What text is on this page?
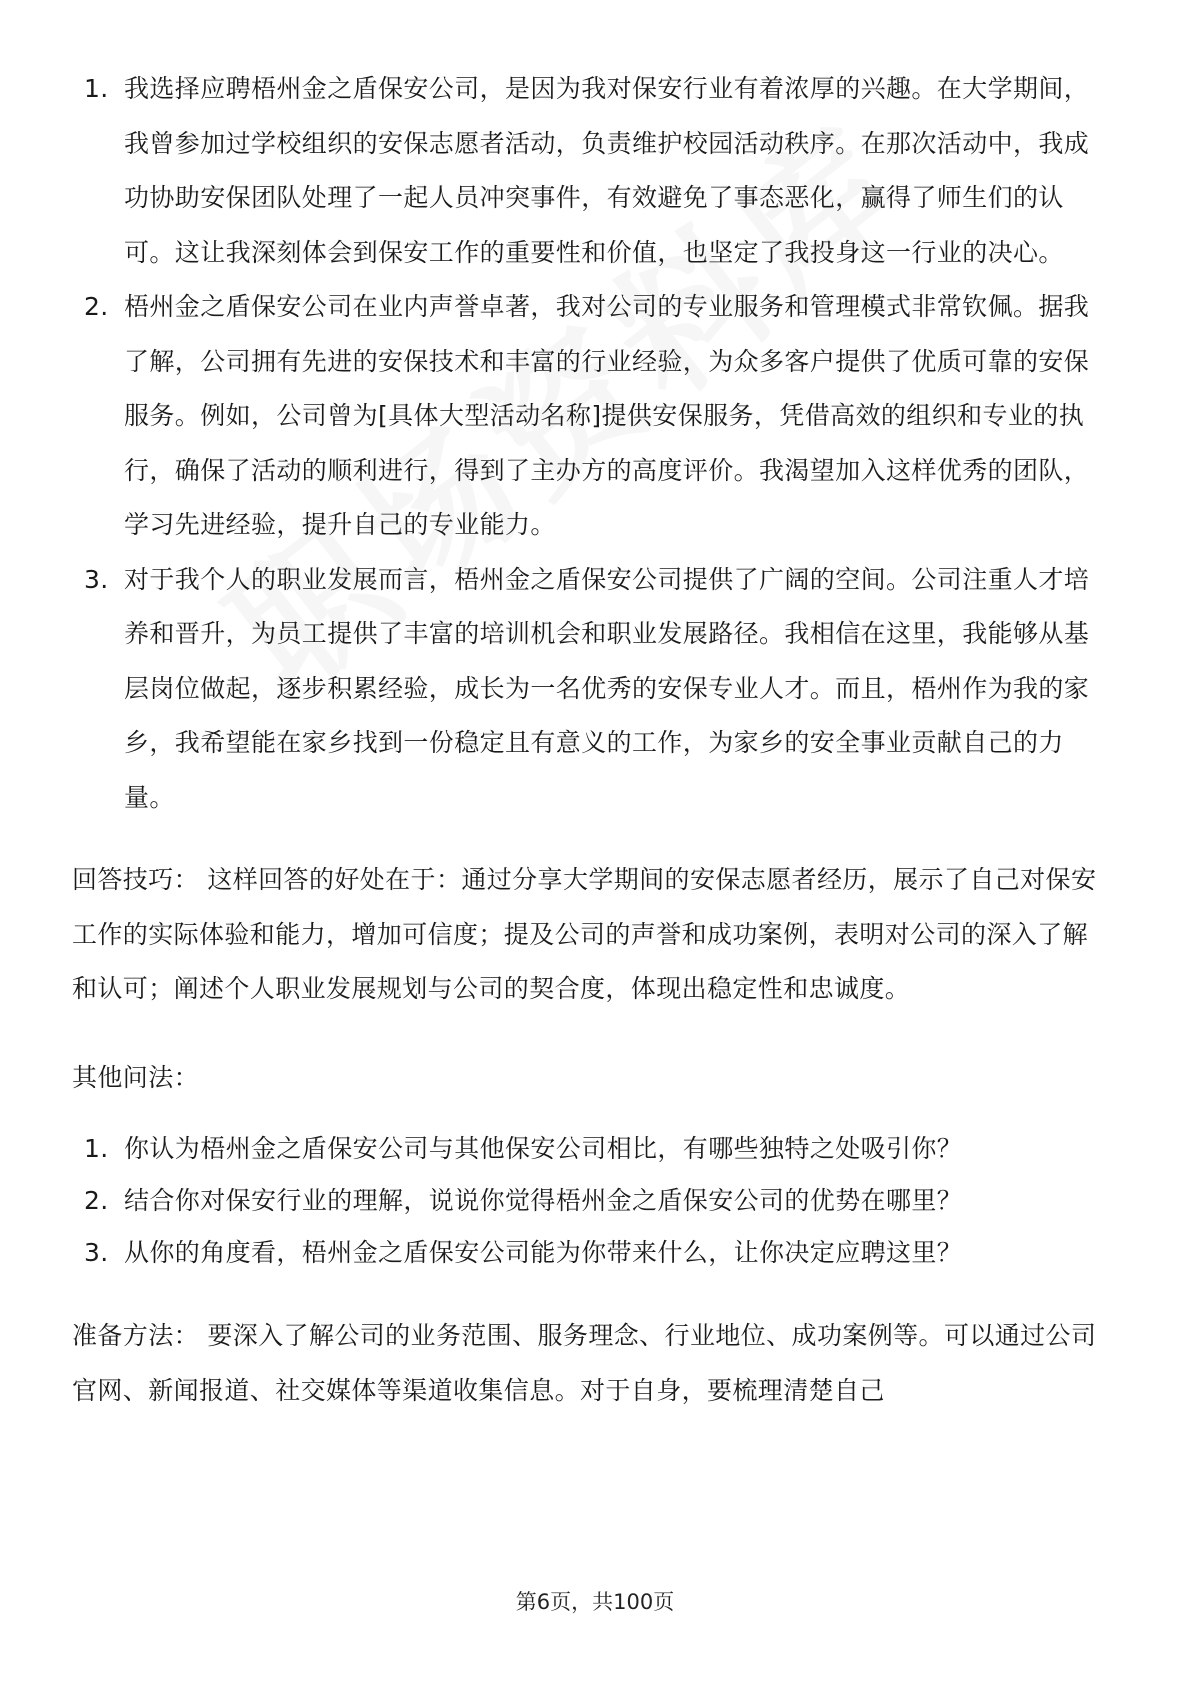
1. 我选择应聘梧州金之盾保安公司，是因为我对保安行业有着浓厚的兴趣。在大学期间，我曾参加过学校组织的安保志愿者活动，负责维护校园活动秩序。在那次活动中，我成功协助安保团队处理了一起人员冲突事件，有效避免了事态恶化，赢得了师生们的认可。这让我深刻体会到保安工作的重要性和价值，也坚定了我投身这一行业的决心。
2. 梧州金之盾保安公司在业内声誉卓著，我对公司的专业服务和管理模式非常钦佩。据我了解，公司拥有先进的安保技术和丰富的行业经验，为众多客户提供了优质可靠的安保服务。例如，公司曾为[具体大型活动名称]提供安保服务，凭借高效的组织和专业的执行，确保了活动的顺利进行，得到了主办方的高度评价。我渴望加入这样优秀的团队，学习先进经验，提升自己的专业能力。
3. 对于我个人的职业发展而言，梧州金之盾保安公司提供了广阔的空间。公司注重人才培养和晋升，为员工提供了丰富的培训机会和职业发展路径。我相信在这里，我能够从基层岗位做起，逐步积累经验，成长为一名优秀的安保专业人才。而且，梧州作为我的家乡，我希望能在家乡找到一份稳定且有意义的工作，为家乡的安全事业贡献自己的力量。

回答技巧： 这样回答的好处在于：通过分享大学期间的安保志愿者经历，展示了自己对保安工作的实际体验和能力，增加可信度；提及公司的声誉和成功案例，表明对公司的深入了解和认可；阐述个人职业发展规划与公司的契合度，体现出稳定性和忠诚度。

其他问法：

1. 你认为梧州金之盾保安公司与其他保安公司相比，有哪些独特之处吸引你？
2. 结合你对保安行业的理解，说说你觉得梧州金之盾保安公司的优势在哪里？
3. 从你的角度看，梧州金之盾保安公司能为你带来什么，让你决定应聘这里？

准备方法： 要深入了解公司的业务范围、服务理念、行业地位、成功案例等。可以通过公司官网、新闻报道、社交媒体等渠道收集信息。对于自身，要梳理清楚自己

第6页，共100页
